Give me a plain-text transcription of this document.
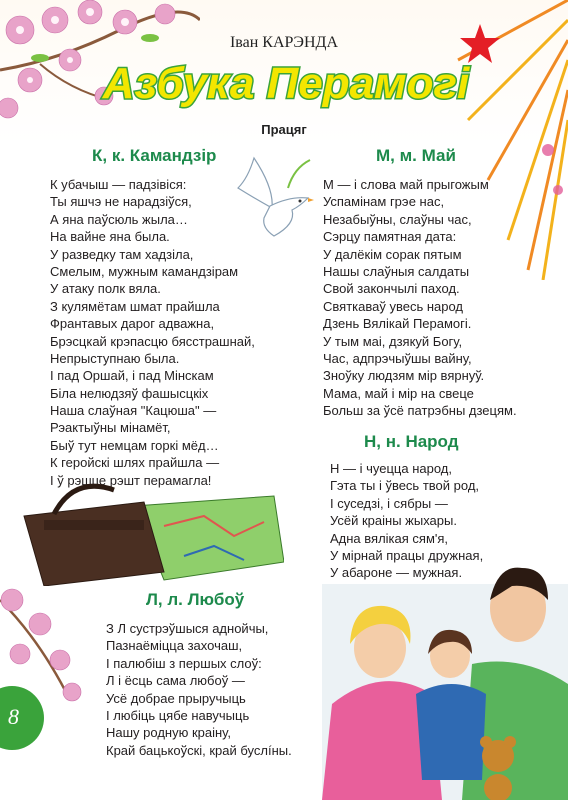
Іван КАРЭНДА
Азбука Перамогі
Працяг
К, к. Камандзір
К убачыш — падзівіся:
Ты яшчэ не нарадзіўся,
А яна паўсюль жыла…
На вайне яна была.
У разведку там хадзіла,
Смелым, мужным камандзірам
У атаку полк вяла.
З кулямётам шмат прайшла
Франтавых дарог адважна,
Брэсцкай крэпасцю бясстрашнай,
Непрыступнаю была.
І пад Оршай, і пад Мінскам
Біла нелюдзяў фашысцкіх
Наша слаўная "Кацюша" —
Рэактыўны мінамёт,
Быў тут немцам горкі мёд…
К геройскі шлях прайшла —
І ў рэшце рэшт перамагла!
М, м. Май
М — і слова май прыгожым
Успамінам грэе нас,
Незабыўны, слаўны час,
Сэрцу памятная дата:
У далёкім сорак пятым
Нашы слаўныя салдаты
Свой закончылі паход.
Святкаваў увесь народ
Дзень Вялікай Перамогі.
У тым маі, дзякуй Богу,
Час, адпрэчыўшы вайну,
Зноўку людзям мір вярнуў.
Мама, май і мір на свеце
Больш за ўсё патрэбны дзецям.
Н, н. Народ
Н — і чуецца народ,
Гэта ты і ўвесь твой род,
І суседзі, і сябры —
Усёй краіны жыхары.
Адна вялікая сям'я,
У мірнай працы дружная,
У абароне — мужная.
Л, л. Любоў
З Л сустрэўшыся аднойчы,
Пазнаёміцца захочаш,
І палюбіш з першых слоў:
Л і ёсць сама любоў —
Усё добрае прыручыць
І любіць цябе навучыць
Нашу родную краіну,
Край бацькоўскі, край буслíны.
8
